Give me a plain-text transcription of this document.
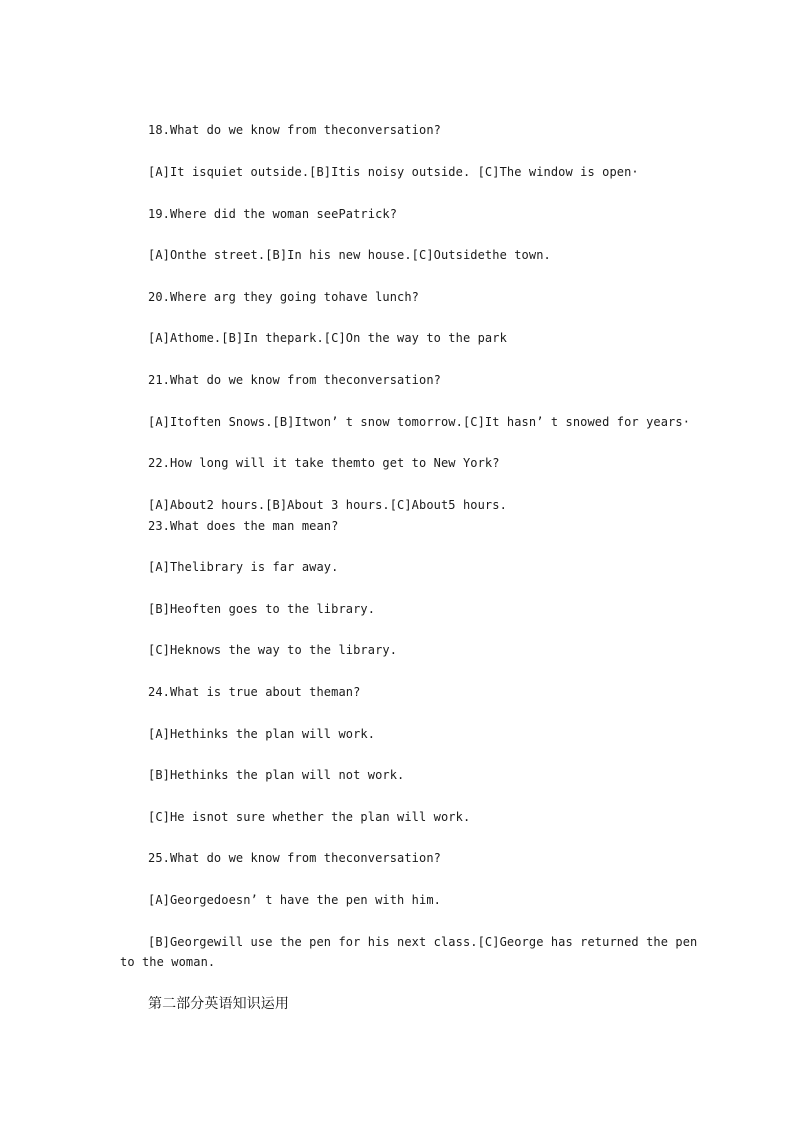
18.What do we know from theconversation?
[A]It isquiet outside.[B]Itis noisy outside. [C]The window is open·
19.Where did the woman seePatrick?
[A]Onthe street.[B]In his new house.[C]Outsidethe town.
20.Where arg they going tohave lunch?
[A]Athome.[B]In thepark.[C]On the way to the park
21.What do we know from theconversation?
[A]Itoften Snows.[B]Itwon’ t snow tomorrow.[C]It hasn’ t snowed for years·
22.How long will it take themto get to New York?
[A]About2 hours.[B]About 3 hours.[C]About5 hours.
23.What does the man mean?
[A]Thelibrary is far away.
[B]Heoften goes to the library.
[C]Heknows the way to the library.
24.What is true about theman?
[A]Hethinks the plan will work.
[B]Hethinks the plan will not work.
[C]He isnot sure whether the plan will work.
25.What do we know from theconversation?
[A]Georgedoesn’ t have the pen with him.
[B]Georgewill use the pen for his next class.[C]George has returned the pen
to the woman.
第二部分英语知识运用
